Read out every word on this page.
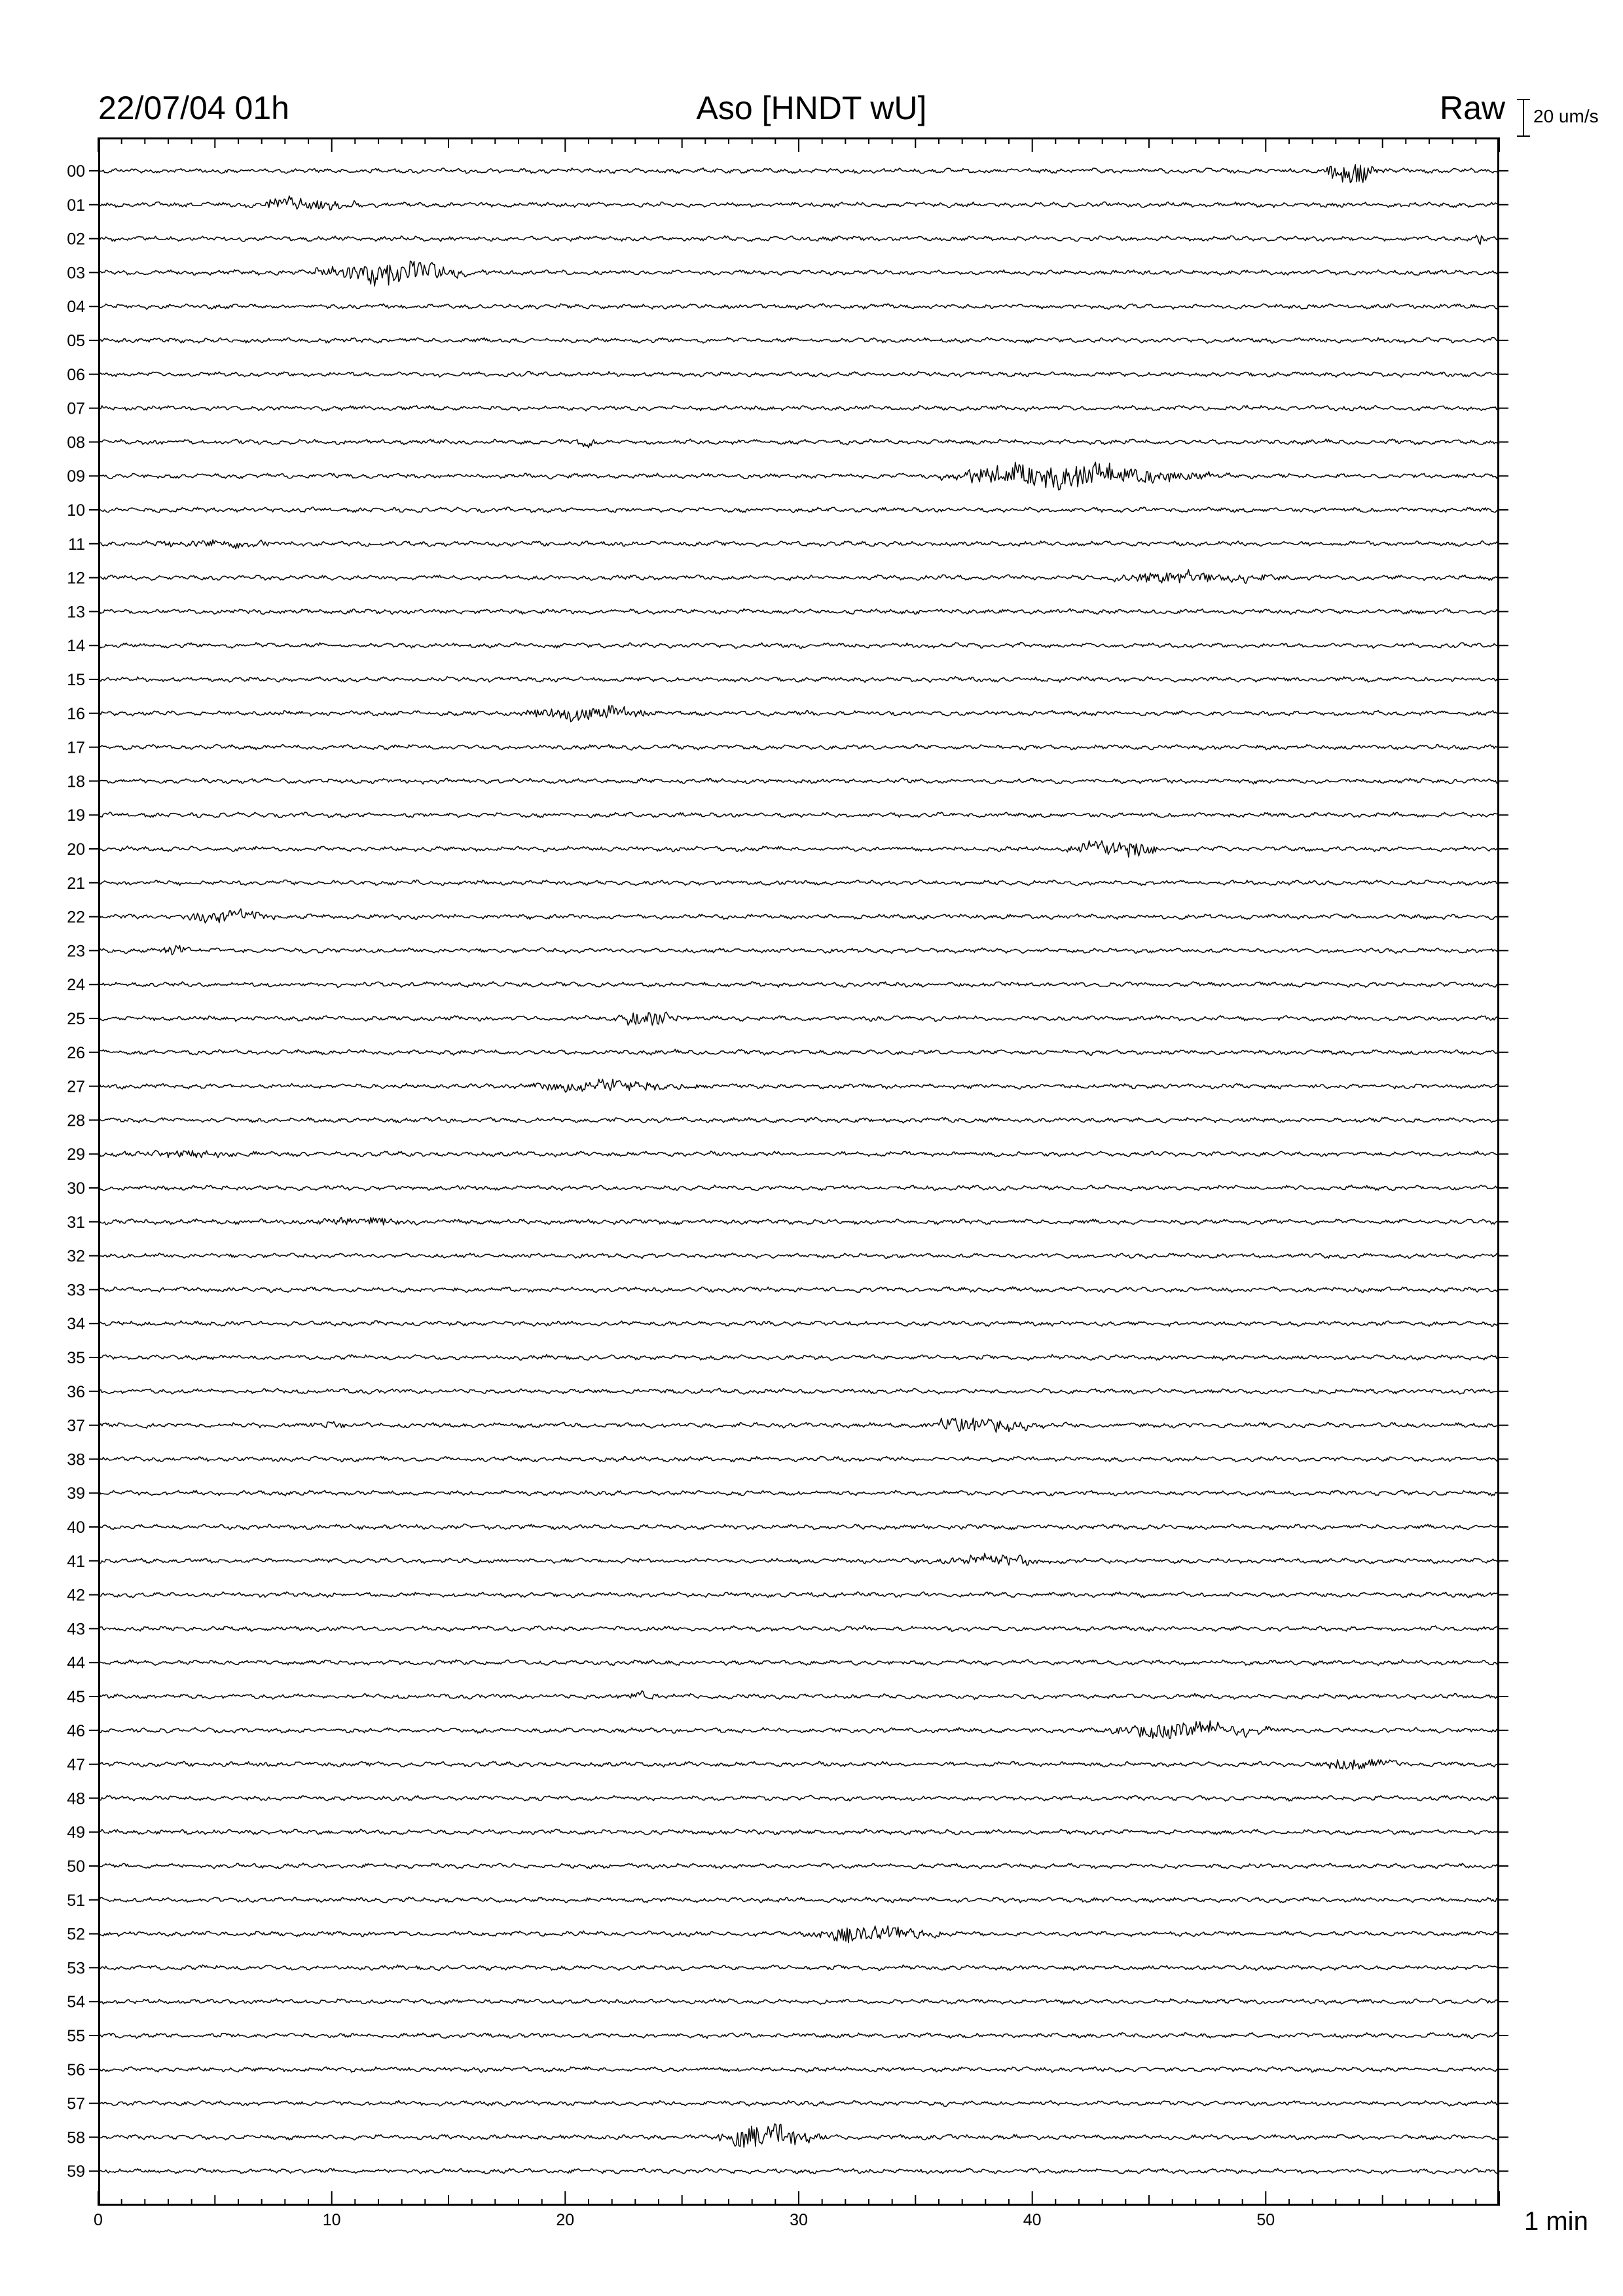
22/07/04 01h	Aso [HNDT wU]	Raw 20 um/s
00
01
02
03
04
05
06
07
08
09
10
11
12
13
14
15
16
17
18
19
20
21
22
23
24
25
26
27
28
29
30
31
32
33
34
35
36
37
38
39
40
41
42
43
44
45
46
47
48
49
50
51
52
53
54
55
56
57
58
59
0	10	20	30	40	50	1 min
